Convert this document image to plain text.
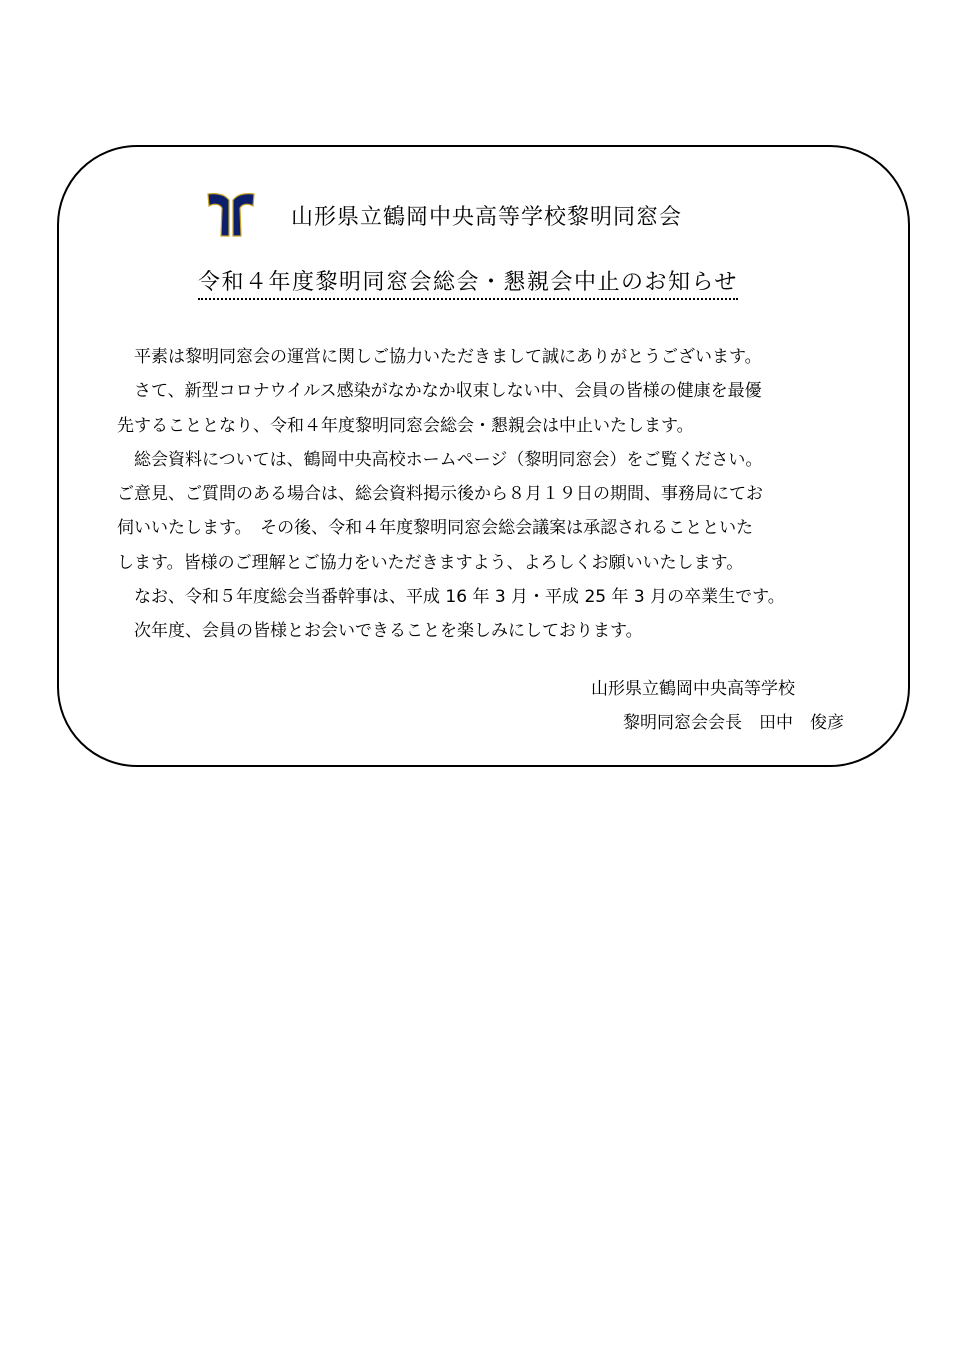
山形県立鶴岡中央高等学校黎明同窓会
令和４年度黎明同窓会総会・懇親会中止のお知らせ
　平素は黎明同窓会の運営に関しご協力いただきまして誠にありがとうございます。
　さて、新型コロナウイルス感染がなかなか収束しない中、会員の皆様の健康を最優
先することとなり、令和４年度黎明同窓会総会・懇親会は中止いたします。
　総会資料については、鶴岡中央高校ホームページ（黎明同窓会）をご覧ください。
ご意見、ご質問のある場合は、総会資料掲示後から８月１９日の期間、事務局にてお
伺いいたします。　その後、令和４年度黎明同窓会総会議案は承認されることといた
します。皆様のご理解とご協力をいただきますよう、よろしくお願いいたします。
　なお、令和５年度総会当番幹事は、平成 16 年 3 月・平成 25 年 3 月の卒業生です。
　次年度、会員の皆様とお会いできることを楽しみにしております。
山形県立鶴岡中央高等学校
黎明同窓会会長　田中　俊彦
